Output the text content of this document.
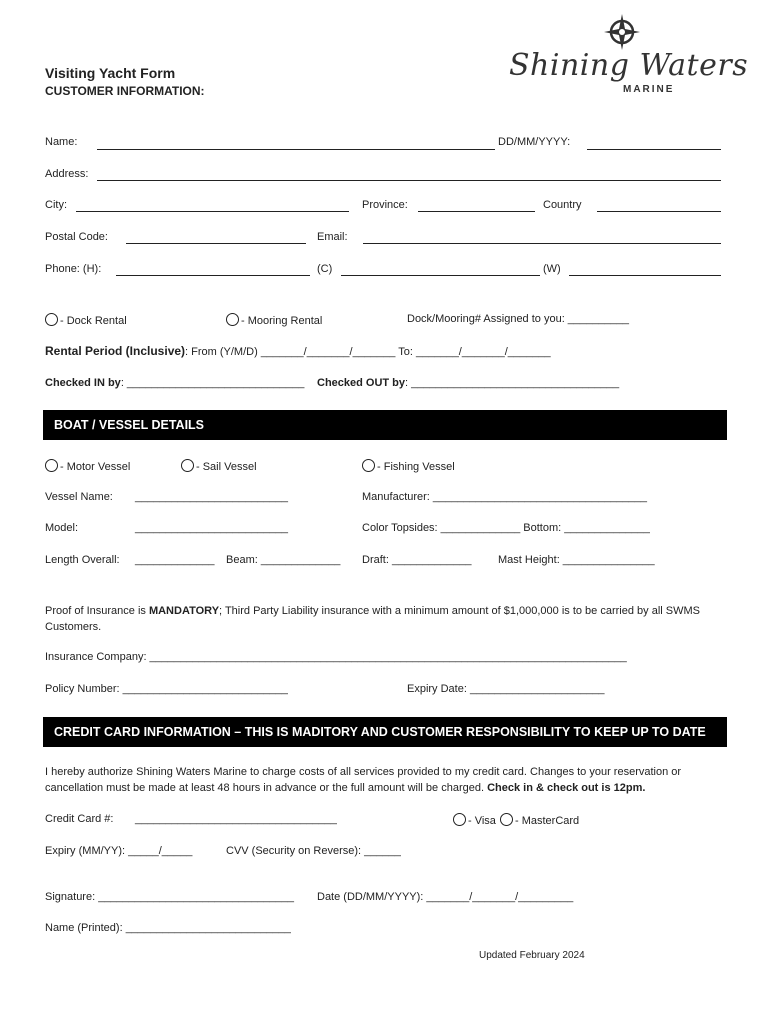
Visiting Yacht Form
CUSTOMER INFORMATION:
Shining Waters
MARINE
Name:	DD/MM/YYYY:
Address:
City:	Province:	Country
Postal Code:	Email:
Phone: (H):	(C)	(W)
- Dock Rental	- Mooring Rental	Dock/Mooring# Assigned to you: __________
Rental Period (Inclusive): From (Y/M/D) _______/_______/_______ To: _______/_______/_______
Checked IN by: _____________________________ Checked OUT by: __________________________________
BOAT / VESSEL DETAILS
- Motor Vessel	- Sail Vessel	- Fishing Vessel
Vessel Name: _________________________	Manufacturer: ___________________________________
Model:	_________________________	Color Topsides: _____________ Bottom: ______________
Length Overall: _____________ Beam: _____________ Draft: _____________ Mast Height: _______________
Proof of Insurance is MANDATORY; Third Party Liability insurance with a minimum amount of $1,000,000 is to be carried by all SWMS Customers.
Insurance Company: ______________________________________________________________________________
Policy Number: ___________________________	Expiry Date: ______________________
CREDIT CARD INFORMATION – THIS IS MADITORY AND CUSTOMER RESPONSIBILITY TO KEEP UP TO DATE
I hereby authorize Shining Waters Marine to charge costs of all services provided to my credit card. Changes to your reservation or cancellation must be made at least 48 hours in advance or the full amount will be charged. Check in & check out is 12pm.
Credit Card #: _________________________________	- Visa	- MasterCard
Expiry (MM/YY): _____/_____	CVV (Security on Reverse): ______
Signature: ________________________________ Date (DD/MM/YYYY): _______/_______/_________
Name (Printed): ___________________________
Updated February 2024
